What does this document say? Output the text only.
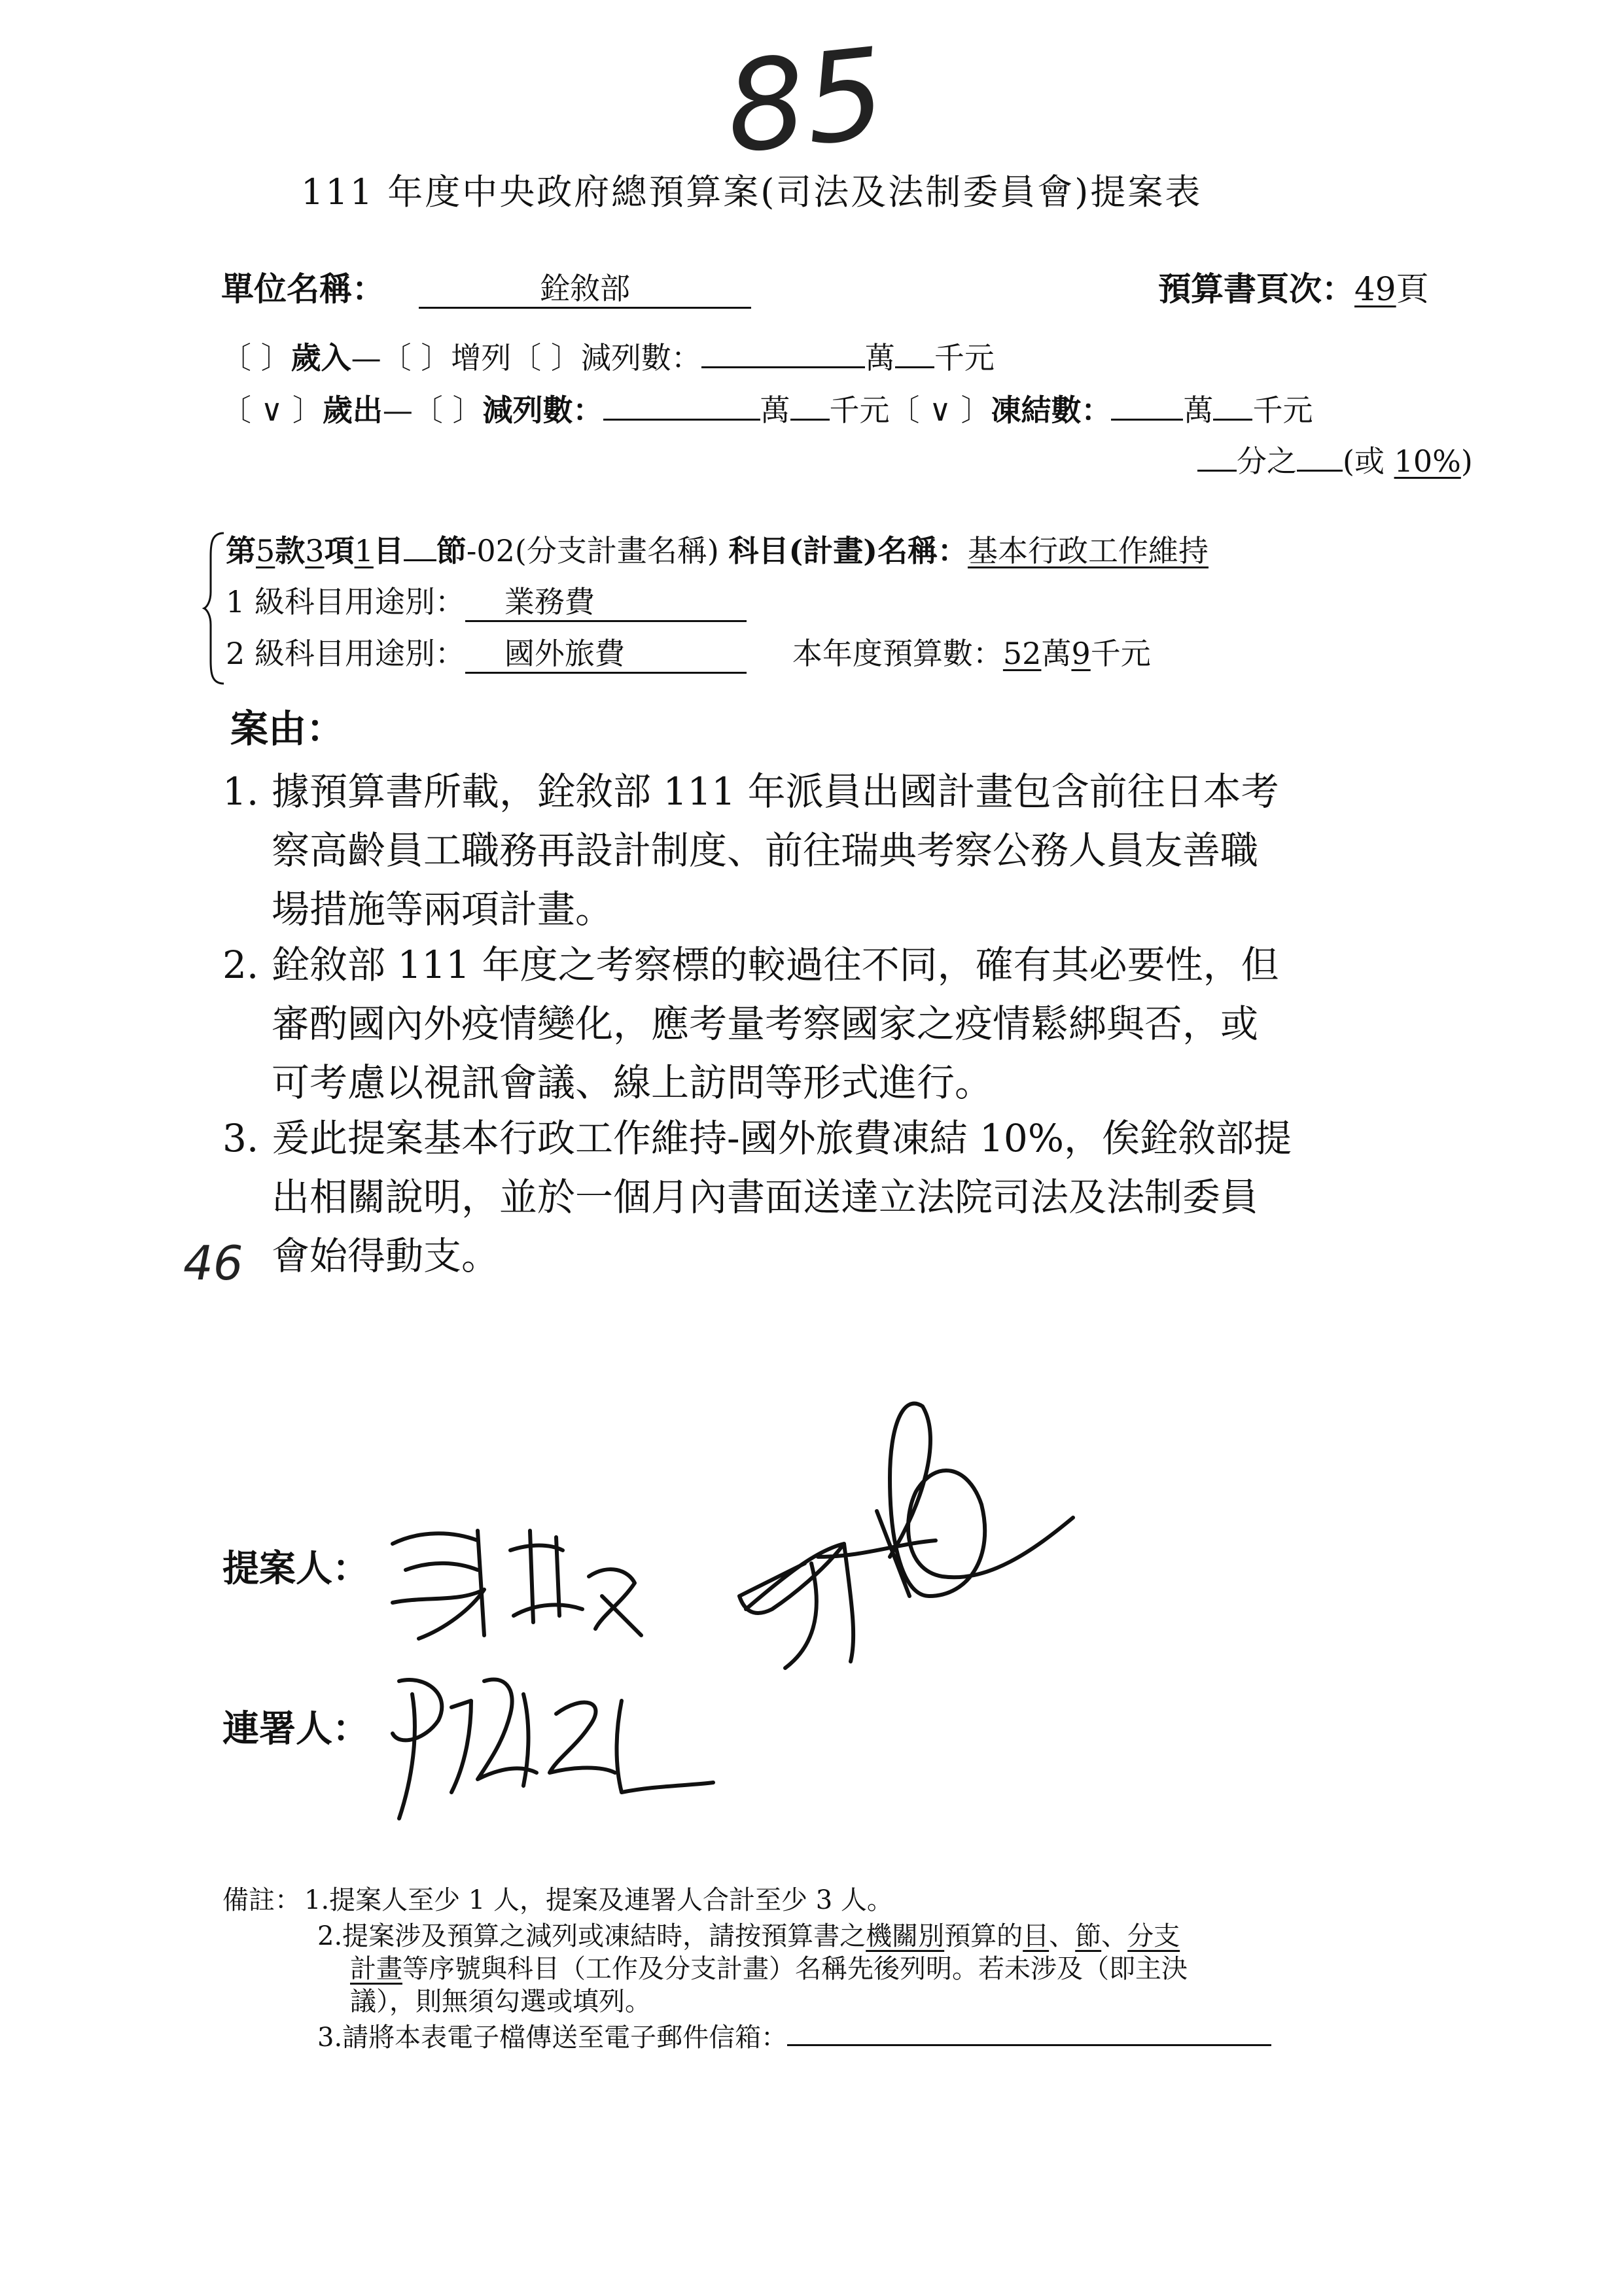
85
111 年度中央政府總預算案(司法及法制委員會)提案表
單位名稱：	銓敘部	預算書頁次：49頁
〔 〕歲入—〔 〕增列〔 〕減列數：	萬 千元
〔 ∨ 〕歲出—〔 〕減列數：	萬 千元〔 ∨ 〕凍結數： 萬 千元
分之 (或 10%)
第5款3項1目 節-02(分支計畫名稱) 科目(計畫)名稱：基本行政工作維持
1 級科目用途別： 業務費
2 級科目用途別： 國外旅費	本年度預算數：52萬9千元
案由：
1. 據預算書所載，銓敘部 111 年派員出國計畫包含前往日本考
察高齡員工職務再設計制度、前往瑞典考察公務人員友善職
場措施等兩項計畫。
2. 銓敘部 111 年度之考察標的較過往不同，確有其必要性，但
審酌國內外疫情變化，應考量考察國家之疫情鬆綁與否，或
可考慮以視訊會議、線上訪問等形式進行。
3. 爰此提案基本行政工作維持-國外旅費凍結 10%，俟銓敘部提
出相關說明，並於一個月內書面送達立法院司法及法制委員
會始得動支。
46
提案人：
連署人：
備註： 1.提案人至少 1 人，提案及連署人合計至少 3 人。
2.提案涉及預算之減列或凍結時，請按預算書之機關別預算的目、節、分支
計畫等序號與科目（工作及分支計畫）名稱先後列明。若未涉及（即主決
議），則無須勾選或填列。
3.請將本表電子檔傳送至電子郵件信箱：
